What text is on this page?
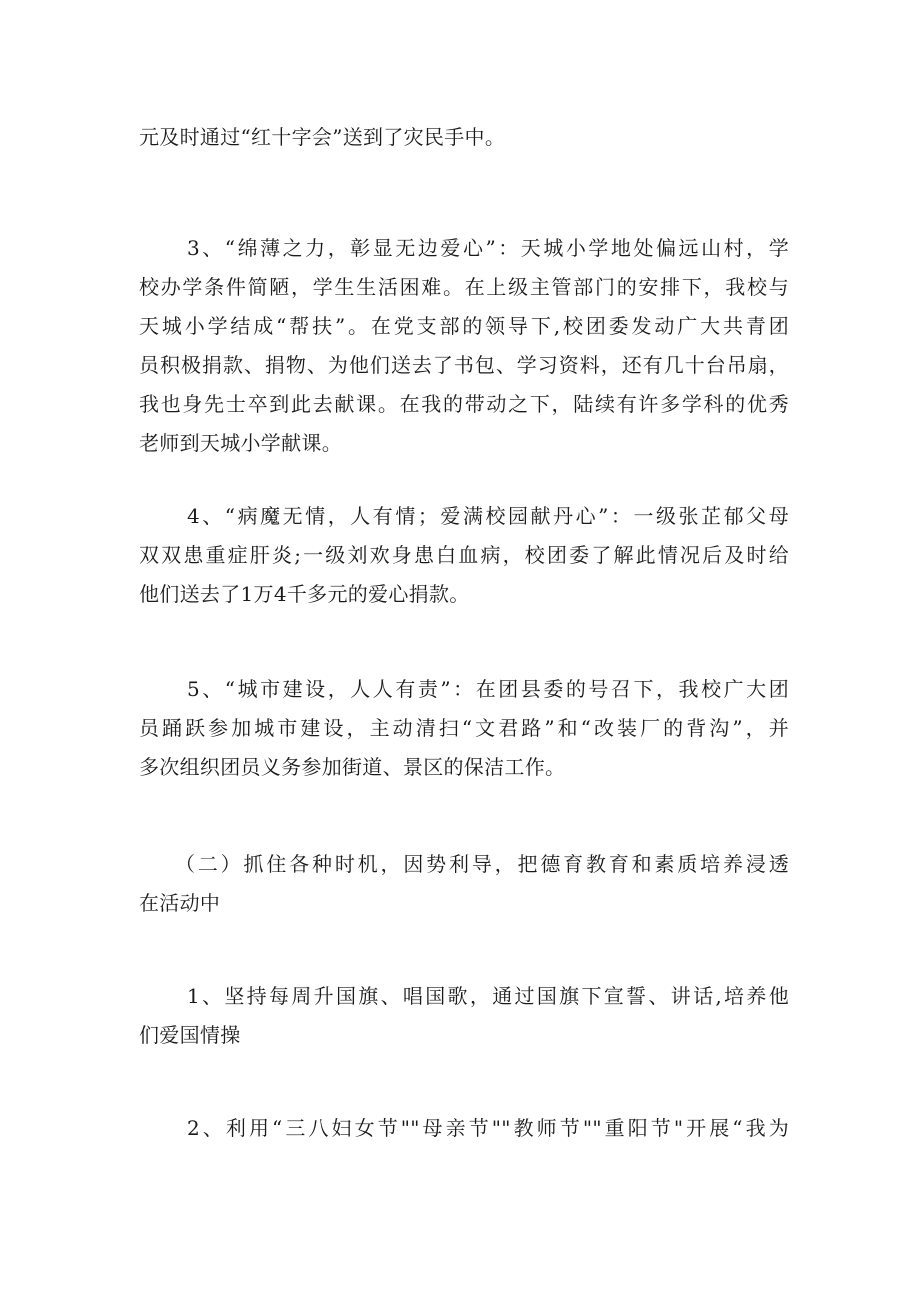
元及时通过“红十字会”送到了灾民手中。

3、“绵薄之力，彰显无边爱心”：天城小学地处偏远山村，学
校办学条件简陋，学生生活困难。在上级主管部门的安排下，我校与
天城小学结成“帮扶”。在党支部的领导下,校团委发动广大共青团
员积极捐款、捐物、为他们送去了书包、学习资料，还有几十台吊扇，
我也身先士卒到此去献课。在我的带动之下，陆续有许多学科的优秀
老师到天城小学献课。

4、“病魔无情，人有情；爱满校园献丹心”：一级张芷郁父母
双双患重症肝炎;一级刘欢身患白血病，校团委了解此情况后及时给
他们送去了1万4千多元的爱心捐款。

5、“城市建设，人人有责”：在团县委的号召下，我校广大团
员踊跃参加城市建设，主动清扫“文君路”和“改装厂的背沟”，并
多次组织团员义务参加街道、景区的保洁工作。

（二）抓住各种时机，因势利导，把德育教育和素质培养浸透
在活动中

1、坚持每周升国旗、唱国歌，通过国旗下宣誓、讲话,培养他
们爱国情操

2、利用“三八妇女节""母亲节""教师节""重阳节"开展“我为
